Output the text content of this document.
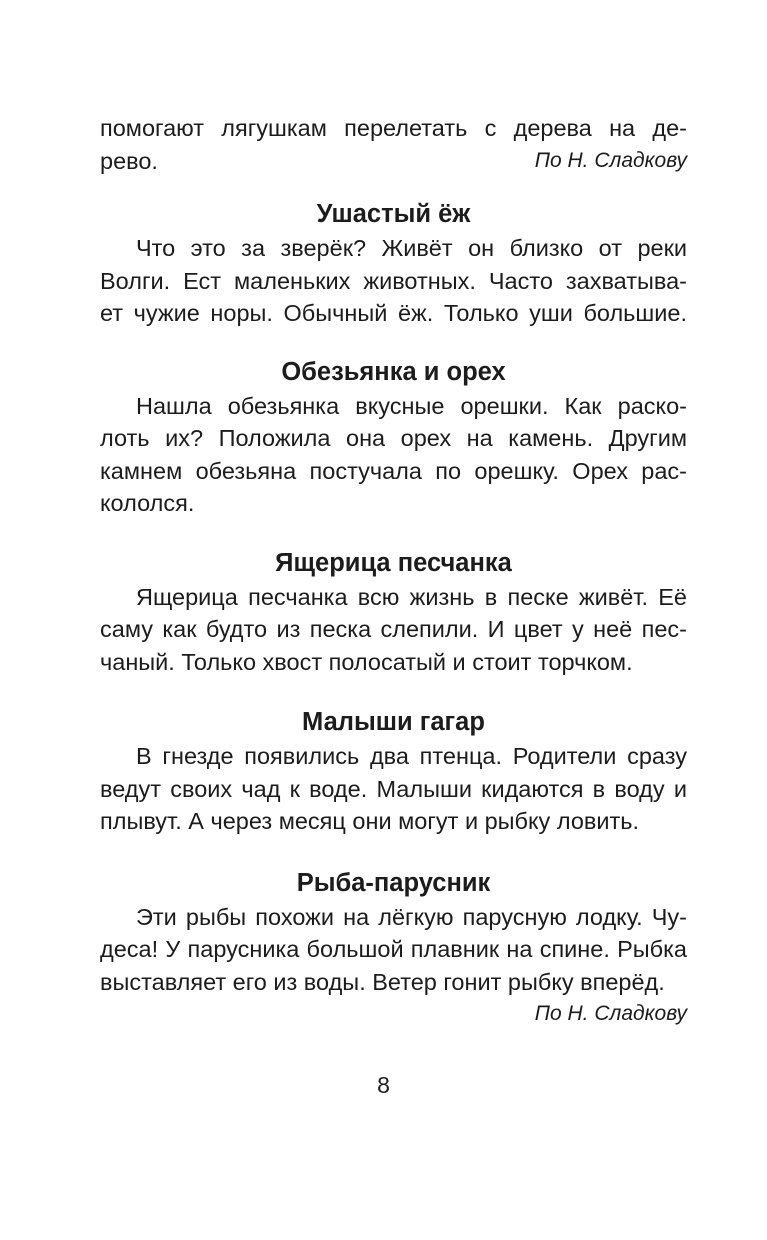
помогают лягушкам перелетать с дерева на де-
рево.	По Н. Сладкову

Ушастый ёж

Что это за зверёк? Живёт он близко от реки
Волги. Ест маленьких животных. Часто захватыва-
ет чужие норы. Обычный ёж. Только уши большие.

Обезьянка и орех

Нашла обезьянка вкусные орешки. Как раско-
лоть их? Положила она орех на камень. Другим
камнем обезьяна постучала по орешку. Орех рас-
кололся.

Ящерица песчанка

Ящерица песчанка всю жизнь в песке живёт. Её
саму как будто из песка слепили. И цвет у неё пес-
чаный. Только хвост полосатый и стоит торчком.

Малыши гагар

В гнезде появились два птенца. Родители сразу
ведут своих чад к воде. Малыши кидаются в воду и
плывут. А через месяц они могут и рыбку ловить.

Рыба-парусник

Эти рыбы похожи на лёгкую парусную лодку. Чу-
деса! У парусника большой плавник на спине. Рыбка
выставляет его из воды. Ветер гонит рыбку вперёд.

По Н. Сладкову

8
